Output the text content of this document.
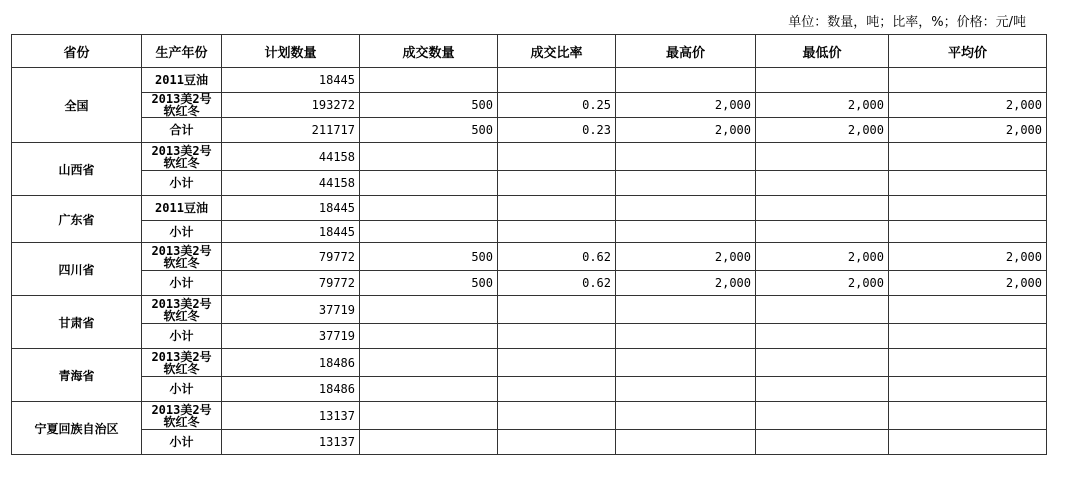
单位：数量，吨；比率，%；价格：元/吨
省份	生产年份	计划数量	成交数量	成交比率	最高价	最低价	平均价
全国	2011豆油	18445					
	2013美2号软红冬	193272	500	0.25	2,000	2,000	2,000
	合计	211717	500	0.23	2,000	2,000	2,000
山西省	2013美2号软红冬	44158					
	小计	44158					
广东省	2011豆油	18445					
	小计	18445					
四川省	2013美2号软红冬	79772	500	0.62	2,000	2,000	2,000
	小计	79772	500	0.62	2,000	2,000	2,000
甘肃省	2013美2号软红冬	37719					
	小计	37719					
青海省	2013美2号软红冬	18486					
	小计	18486					
宁夏回族自治区	2013美2号软红冬	13137					
	小计	13137					
